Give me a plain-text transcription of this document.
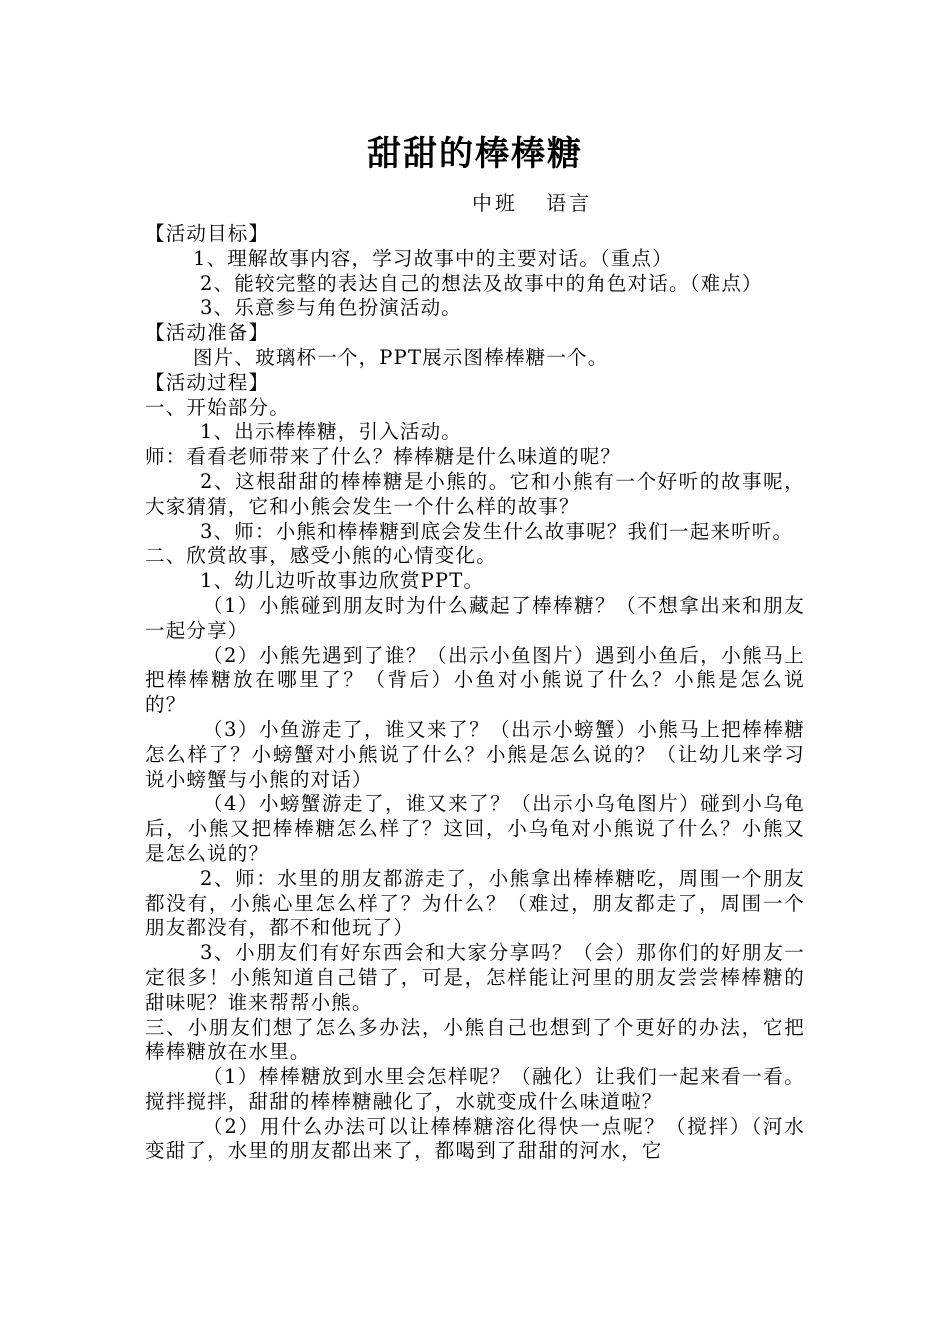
甜甜的棒棒糖
中班   语言

【活动目标】

1、理解故事内容，学习故事中的主要对话。（重点）

2、能较完整的表达自己的想法及故事中的角色对话。（难点）

3、乐意参与角色扮演活动。

【活动准备】

图片、玻璃杯一个，PPT展示图棒棒糖一个。

【活动过程】

一、开始部分。

1、出示棒棒糖，引入活动。

师：看看老师带来了什么？棒棒糖是什么味道的呢？

2、这根甜甜的棒棒糖是小熊的。它和小熊有一个好听的故事呢，大家猜猜，它和小熊会发生一个什么样的故事？

3、师：小熊和棒棒糖到底会发生什么故事呢？我们一起来听听。

二、欣赏故事，感受小熊的心情变化。

1、幼儿边听故事边欣赏PPT。

（1）小熊碰到朋友时为什么藏起了棒棒糖？（不想拿出来和朋友一起分享）

（2）小熊先遇到了谁？（出示小鱼图片）遇到小鱼后，小熊马上把棒棒糖放在哪里了？（背后）小鱼对小熊说了什么？小熊是怎么说的？

（3）小鱼游走了，谁又来了？（出示小螃蟹）小熊马上把棒棒糖怎么样了？小螃蟹对小熊说了什么？小熊是怎么说的？（让幼儿来学习说小螃蟹与小熊的对话）

（4）小螃蟹游走了，谁又来了？（出示小乌龟图片）碰到小乌龟后，小熊又把棒棒糖怎么样了？这回，小乌龟对小熊说了什么？小熊又是怎么说的？

2、师：水里的朋友都游走了，小熊拿出棒棒糖吃，周围一个朋友都没有，小熊心里怎么样了？为什么？（难过，朋友都走了，周围一个朋友都没有，都不和他玩了）

3、小朋友们有好东西会和大家分享吗？（会）那你们的好朋友一定很多！小熊知道自己错了，可是，怎样能让河里的朋友尝尝棒棒糖的甜味呢？谁来帮帮小熊。

三、小朋友们想了怎么多办法，小熊自己也想到了个更好的办法，它把棒棒糖放在水里。

（1）棒棒糖放到水里会怎样呢？（融化）让我们一起来看一看。搅拌搅拌，甜甜的棒棒糖融化了，水就变成什么味道啦？

（2）用什么办法可以让棒棒糖溶化得快一点呢？（搅拌）（河水变甜了，水里的朋友都出来了，都喝到了甜甜的河水，它
